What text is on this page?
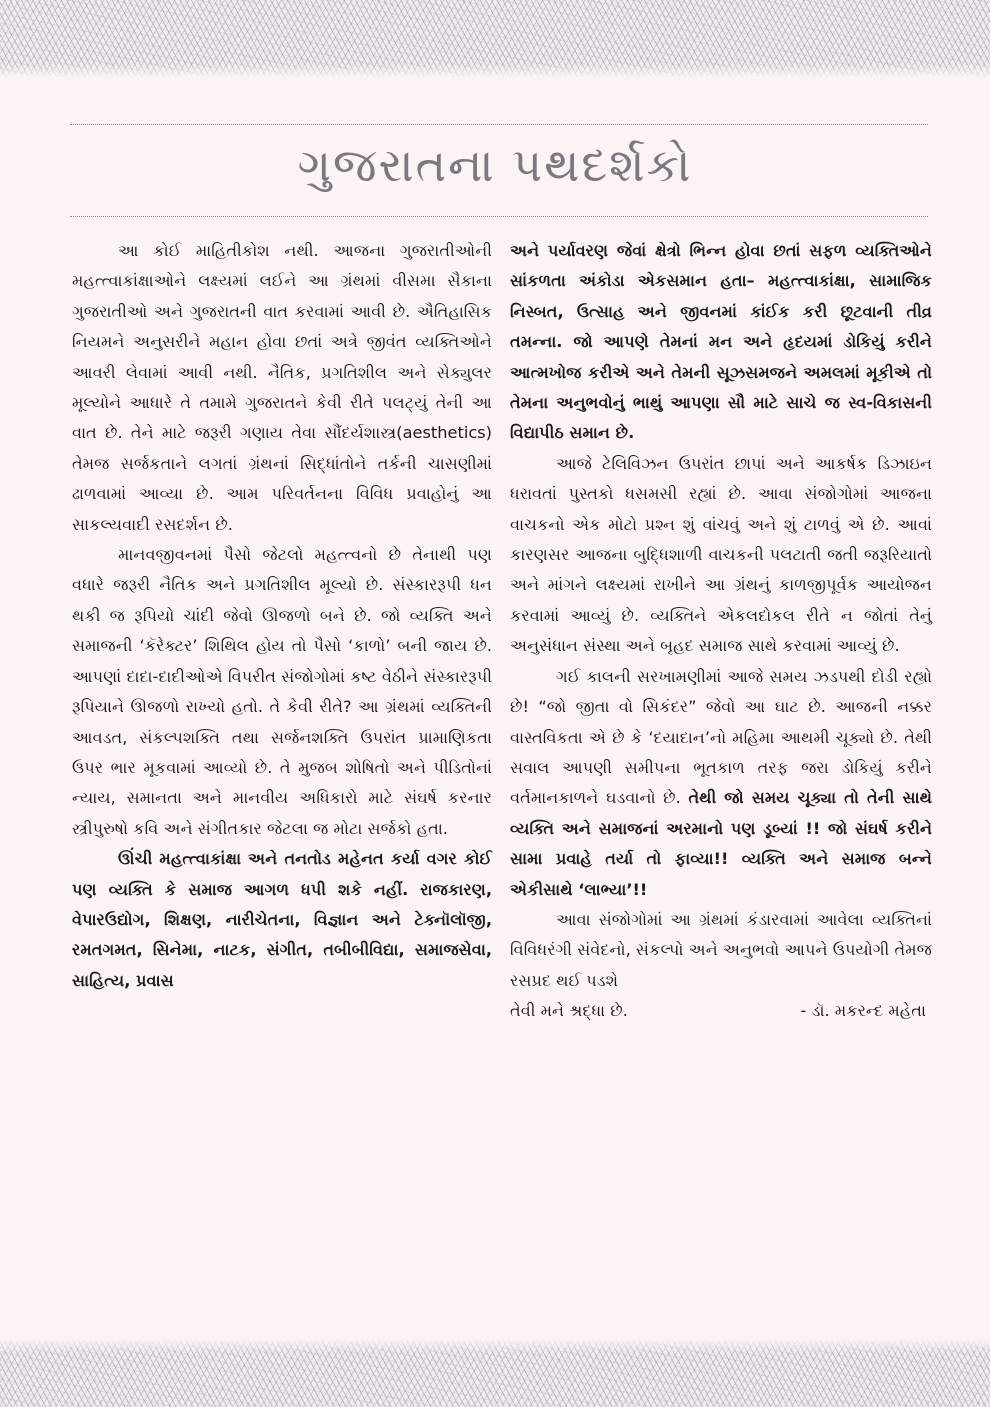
ગુજરાતના પથદર્શકો

આ કોઈ માહિતીકોશ નથી. આજના ગુજરાતીઓની મહત્ત્વાકાંક્ષાઓને લક્ષ્યમાં લઈને આ ગ્રંથમાં વીસમા સૈકાના ગુજરાતીઓ અને ગુજરાતની વાત કરવામાં આવી છે. ઐતિહાસિક નિયમને અનુસરીને મહાન હોવા છતાં અત્રે જીવંત વ્યક્તિઓને આવરી લેવામાં આવી નથી. નૈતિક, પ્રગતિશીલ અને સેક્યુલર મૂલ્યોને આધારે તે તમામે ગુજરાતને કેવી રીતે પલટ્યું તેની આ વાત છે. તેને માટે જરૂરી ગણાય તેવા સૌંદર્યશાસ્ત્ર(aesthetics) તેમજ સર્જકતાને લગતાં ગ્રંથનાં સિદ્ધાંતોને તર્કની ચાસણીમાં ઢાળવામાં આવ્યા છે. આમ પરિવર્તનના વિવિધ પ્રવાહોનું આ સાકલ્યવાદી રસદર્શન છે.

માનવજીવનમાં પૈસો જેટલો મહત્ત્વનો છે તેનાથી પણ વધારે જરૂરી નૈતિક અને પ્રગતિશીલ મૂલ્યો છે. સંસ્કારરૂપી ધન થકી જ રૂપિયો ચાંદી જેવો ઊજળો બને છે. જો વ્યક્તિ અને સમાજની ‘કૅરેક્ટર’ શિથિલ હોય તો પૈસો ‘કાળો’ બની જાય છે. આપણાં દાદા-દાદીઓએ વિપરીત સંજોગોમાં કષ્ટ વેઠીને સંસ્કારરૂપી રૂપિયાને ઊજળો રાખ્યો હતો. તે કેવી રીતે? આ ગ્રંથમાં વ્યક્તિની આવડત, સંકલ્પશક્તિ તથા સર્જનશક્તિ ઉપરાંત પ્રામાણિકતા ઉપર ભાર મૂકવામાં આવ્યો છે. તે મુજબ શોષિતો અને પીડિતોનાં ન્યાય, સમાનતા અને માનવીય અધિકારો માટે સંઘર્ષ કરનાર સ્ત્રીપુરુષો કવિ અને સંગીતકાર જેટલા જ મોટા સર્જકો હતા.

ઊંચી મહત્ત્વાકાંક્ષા અને તનતોડ મહેનત કર્યા વગર કોઈ પણ વ્યક્તિ કે સમાજ આગળ ધપી શકે નહીં. રાજકારણ, વેપારઉદ્યોગ, શિક્ષણ, નારીચેતના, વિજ્ઞાન અને ટેક્નૉલૉજી, રમતગમત, સિનેમા, નાટક, સંગીત, તબીબીવિદ્યા, સમાજસેવા, સાહિત્ય, પ્રવાસ

અને પર્યાવરણ જેવાં ક્ષેત્રો ભિન્ન હોવા છતાં સફળ વ્યક્તિઓને સાંકળતા અંકોડા એકસમાન હતા– મહત્ત્વાકાંક્ષા, સામાજિક નિસ્બત, ઉત્સાહ અને જીવનમાં કાંઈક કરી છૂટવાની તીવ્ર તમન્ના. જો આપણે તેમનાં મન અને હૃદયમાં ડોકિયું કરીને આત્મખોજ કરીએ અને તેમની સૂઝસમજને અમલમાં મૂકીએ તો તેમના અનુભવોનું ભાથું આપણા સૌ માટે સાચે જ સ્વ-વિકાસની વિદ્યાપીઠ સમાન છે.

આજે ટેલિવિઝન ઉપરાંત છાપાં અને આકર્ષક ડિઝાઇન ધરાવતાં પુસ્તકો ધસમસી રહ્યાં છે. આવા સંજોગોમાં આજના વાચકનો એક મોટો પ્રશ્ન શું વાંચવું અને શું ટાળવું એ છે. આવાં કારણસર આજના બુદ્ધિશાળી વાચકની પલટાતી જતી જરૂરિયાતો અને માંગને લક્ષ્યમાં રાખીને આ ગ્રંથનું કાળજીપૂર્વક આયોજન કરવામાં આવ્યું છે. વ્યક્તિને એકલદોકલ રીતે ન જોતાં તેનું અનુસંધાન સંસ્થા અને બૃહદ સમાજ સાથે કરવામાં આવ્યું છે.

ગઈ કાલની સરખામણીમાં આજે સમય ઝડપથી દોડી રહ્યો છે! “જો જીતા વો સિકંદર” જેવો આ ઘાટ છે. આજની નક્કર વાસ્તવિકતા એ છે કે ‘દયાદાન’નો મહિમા આથમી ચૂક્યો છે. તેથી સવાલ આપણી સમીપના ભૂતકાળ તરફ જરા ડોકિયું કરીને વર્તમાનકાળને ઘડવાનો છે. તેથી જો સમય ચૂક્યા તો તેની સાથે વ્યક્તિ અને સમાજનાં અરમાનો પણ ડૂબ્યાં !! જો સંઘર્ષ કરીને સામા પ્રવાહે તર્યા તો ફાવ્યા!! વ્યક્તિ અને સમાજ બન્ને એકીસાથે ‘લાભ્યા’!!

આવા સંજોગોમાં આ ગ્રંથમાં કંડારવામાં આવેલા વ્યક્તિનાં વિવિધરંગી સંવેદનો, સંકલ્પો અને અનુભવો આપને ઉપયોગી તેમજ રસપ્રદ થઈ પડશે

તેવી મને શ્રદ્ધા છે.	- ડૉ. મકરન્દ મહેતા
